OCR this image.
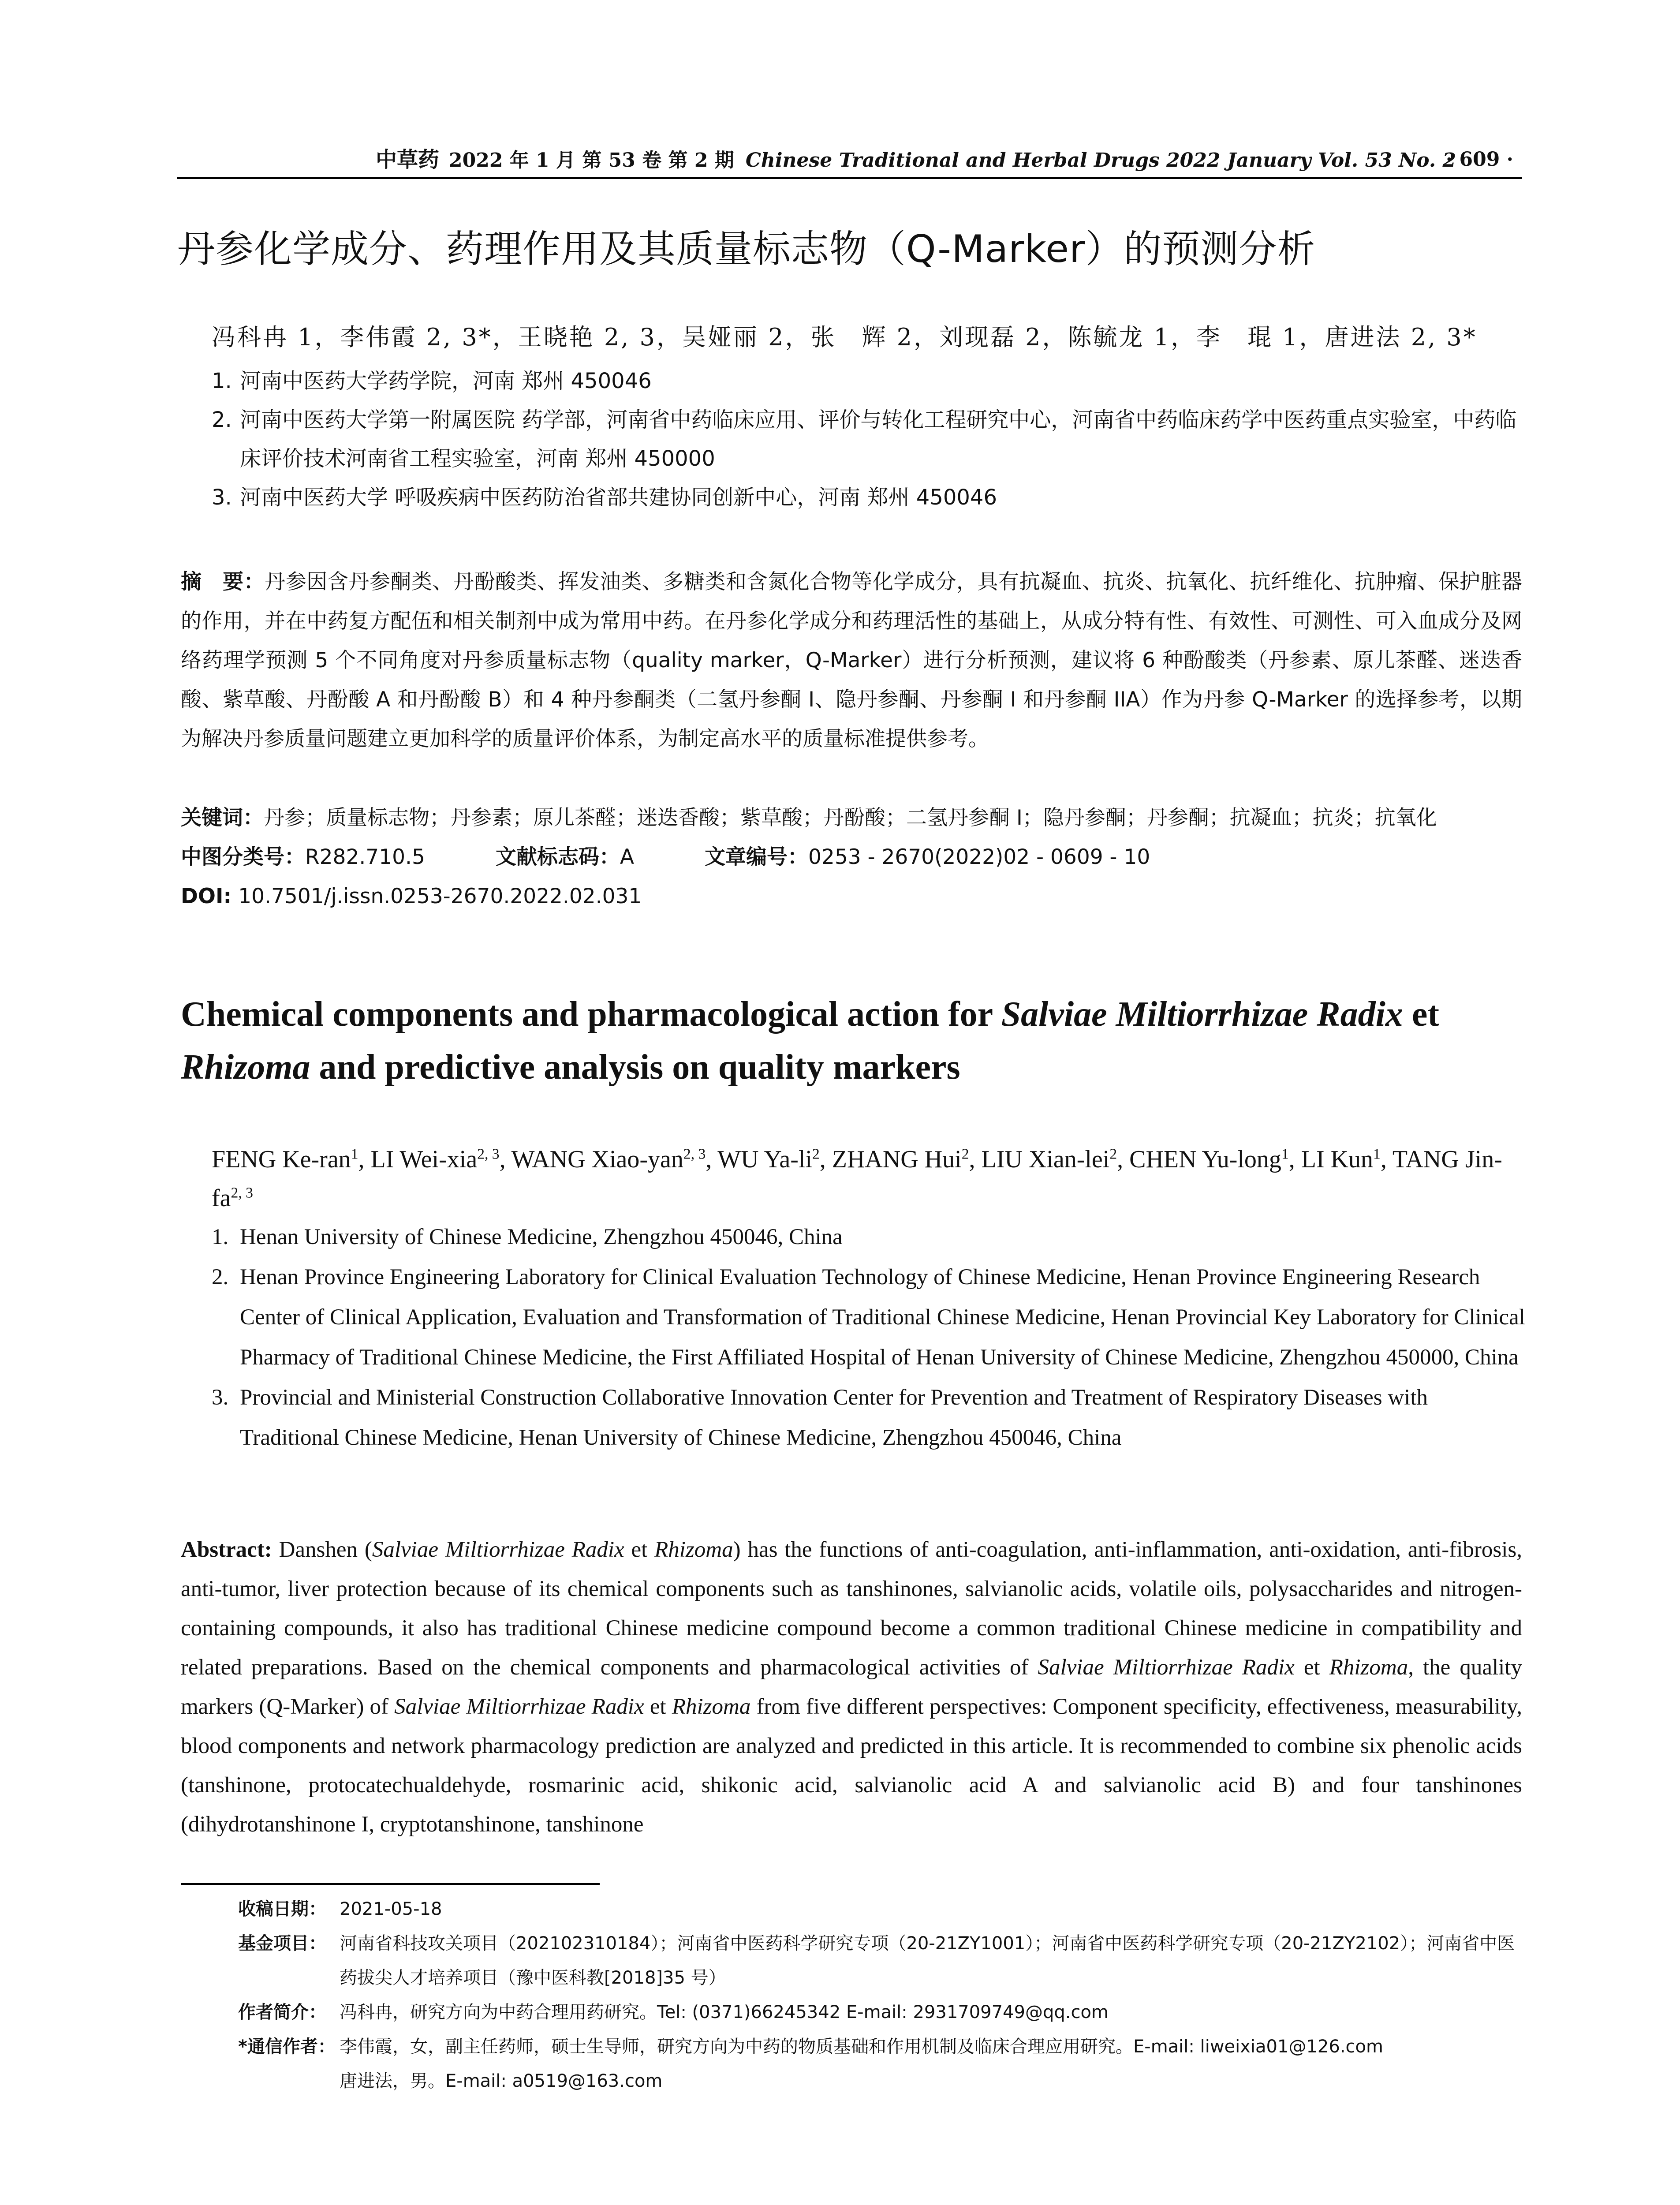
中草药 2022 年 1 月 第 53 卷 第 2 期 Chinese Traditional and Herbal Drugs 2022 January Vol. 53 No. 2
· 609 ·
丹参化学成分、药理作用及其质量标志物（Q-Marker）的预测分析
冯科冉 1，李伟霞 2, 3*，王晓艳 2, 3，吴娅丽 2，张　辉 2，刘现磊 2，陈毓龙 1，李　琨 1，唐进法 2, 3*
1. 河南中医药大学药学院，河南 郑州 450046
2. 河南中医药大学第一附属医院 药学部，河南省中药临床应用、评价与转化工程研究中心，河南省中药临床药学中医药重点实验室，中药临床评价技术河南省工程实验室，河南 郑州 450000
3. 河南中医药大学 呼吸疾病中医药防治省部共建协同创新中心，河南 郑州 450046
摘　要：丹参因含丹参酮类、丹酚酸类、挥发油类、多糖类和含氮化合物等化学成分，具有抗凝血、抗炎、抗氧化、抗纤维化、抗肿瘤、保护脏器的作用，并在中药复方配伍和相关制剂中成为常用中药。在丹参化学成分和药理活性的基础上，从成分特有性、有效性、可测性、可入血成分及网络药理学预测 5 个不同角度对丹参质量标志物（quality marker，Q-Marker）进行分析预测，建议将 6 种酚酸类（丹参素、原儿茶醛、迷迭香酸、紫草酸、丹酚酸 A 和丹酚酸 B）和 4 种丹参酮类（二氢丹参酮 I、隐丹参酮、丹参酮 I 和丹参酮 IIA）作为丹参 Q-Marker 的选择参考，以期为解决丹参质量问题建立更加科学的质量评价体系，为制定高水平的质量标准提供参考。
关键词：丹参；质量标志物；丹参素；原儿茶醛；迷迭香酸；紫草酸；丹酚酸；二氢丹参酮 I；隐丹参酮；丹参酮；抗凝血；抗炎；抗氧化
中图分类号：R282.710.5	文献标志码：A	文章编号：0253 - 2670(2022)02 - 0609 - 10
DOI: 10.7501/j.issn.0253-2670.2022.02.031
Chemical components and pharmacological action for Salviae Miltiorrhizae Radix et Rhizoma and predictive analysis on quality markers
FENG Ke-ran$^1$, LI Wei-xia$^{2, 3}$, WANG Xiao-yan$^{2, 3}$, WU $Ya-li^2$, ZHANG Hui$^2$, LIU Xian-lei$^2$, CHEN Yu-long$^1$, LI Kun$^1$, TANG Jin-fa$^{2, 3}$
1. Henan University of Chinese Medicine, Zhengzhou 450046, China
2. Henan Province Engineering Laboratory for Clinical Evaluation Technology of Chinese Medicine, Henan Province Engineering Research Center of Clinical Application, Evaluation and Transformation of Traditional Chinese Medicine, Henan Provincial Key Laboratory for Clinical Pharmacy of Traditional Chinese Medicine, the First Affiliated Hospital of Henan University of Chinese Medicine, Zhengzhou 450000, China
3. Provincial and Ministerial Construction Collaborative Innovation Center for Prevention and Treatment of Respiratory Diseases with Traditional Chinese Medicine, Henan University of Chinese Medicine, Zhengzhou 450046, China
Abstract: Danshen (Salviae Miltiorrhizae Radix et Rhizoma) has the functions of anti-coagulation, anti-inflammation, anti-oxidation, anti-fibrosis, anti-tumor, liver protection because of its chemical components such as tanshinones, salvianolic acids, volatile oils, polysaccharides and nitrogen-containing compounds, it also has traditional Chinese medicine compound become a common traditional Chinese medicine in compatibility and related preparations. Based on the chemical components and pharmacological activities of Salviae Miltiorrhizae Radix et Rhizoma, the quality markers (Q-Marker) of Salviae Miltiorrhizae Radix et Rhizoma from five different perspectives: Component specificity, effectiveness, measurability, blood components and network pharmacology prediction are analyzed and predicted in this article. It is recommended to combine six phenolic acids (tanshinone, protocatechualdehyde, rosmarinic acid, shikonic acid, salvianolic acid A and salvianolic acid B) and four tanshinones (dihydrotanshinone I, cryptotanshinone, tanshinone
收稿日期： 2021-05-18
基金项目： 河南省科技攻关项目（202102310184）；河南省中医药科学研究专项（20-21ZY1001）；河南省中医药科学研究专项（20-21ZY2102）；河南省中医药拔尖人才培养项目（豫中医科教[2018]35 号）
作者简介： 冯科冉，研究方向为中药合理用药研究。Tel: (0371)66245342 E-mail: 2931709749@qq.com
*通信作者： 李伟霞，女，副主任药师，硕士生导师，研究方向为中药的物质基础和作用机制及临床合理应用研究。E-mail: liweixia01@126.com
唐进法，男。E-mail: a0519@163.com
